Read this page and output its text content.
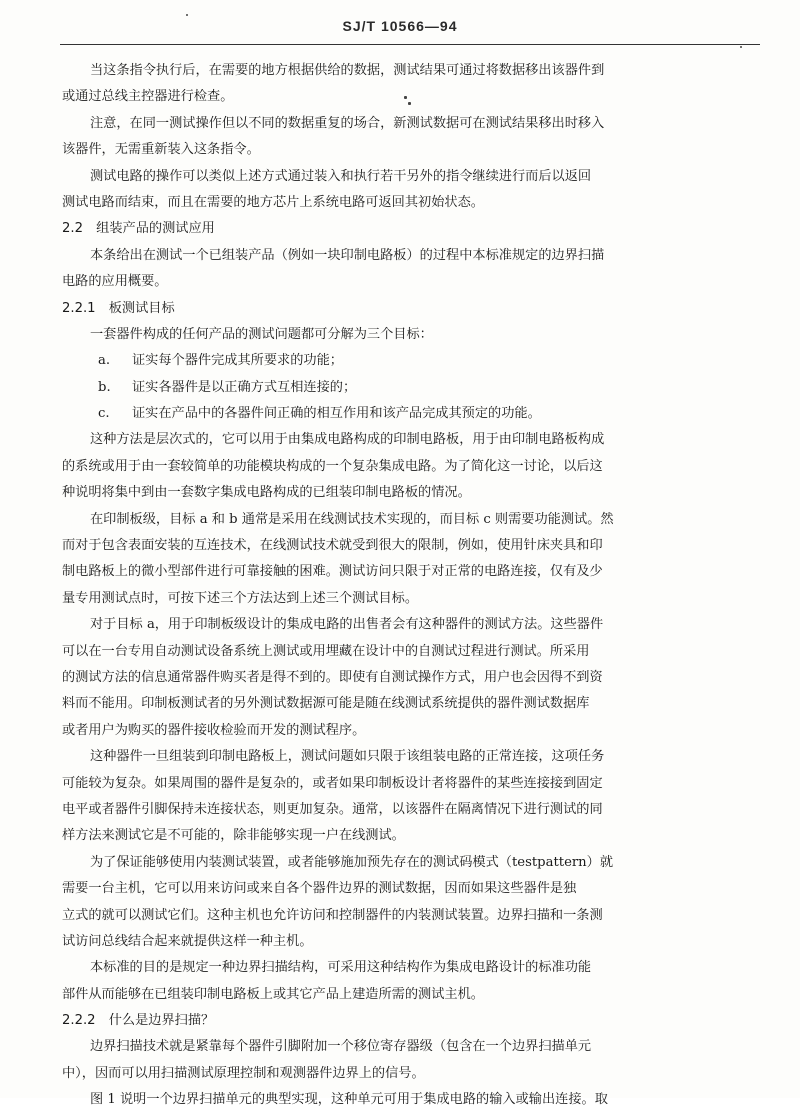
SJ/T 10566—94
当这条指令执行后，在需要的地方根据供给的数据，测试结果可通过将数据移出该器件到
或通过总线主控器进行检查。
注意，在同一测试操作但以不同的数据重复的场合，新测试数据可在测试结果移出时移入
该器件，无需重新装入这条指令。
测试电路的操作可以类似上述方式通过装入和执行若干另外的指令继续进行而后以返回
测试电路而结束，而且在需要的地方芯片上系统电路可返回其初始状态。
2.2　组装产品的测试应用
本条给出在测试一个已组装产品（例如一块印制电路板）的过程中本标准规定的边界扫描
电路的应用概要。
2.2.1　板测试目标
一套器件构成的任何产品的测试问题都可分解为三个目标：
a. 证实每个器件完成其所要求的功能；
b. 证实各器件是以正确方式互相连接的；
c. 证实在产品中的各器件间正确的相互作用和该产品完成其预定的功能。
这种方法是层次式的，它可以用于由集成电路构成的印制电路板，用于由印制电路板构成
的系统或用于由一套较简单的功能模块构成的一个复杂集成电路。为了简化这一讨论，以后这
种说明将集中到由一套数字集成电路构成的已组装印制电路板的情况。
在印制板级，目标 a 和 b 通常是采用在线测试技术实现的，而目标 c 则需要功能测试。然
而对于包含表面安装的互连技术，在线测试技术就受到很大的限制，例如，使用针床夹具和印
制电路板上的微小型部件进行可靠接触的困难。测试访问只限于对正常的电路连接，仅有及少
量专用测试点时，可按下述三个方法达到上述三个测试目标。
对于目标 a，用于印制板级设计的集成电路的出售者会有这种器件的测试方法。这些器件
可以在一台专用自动测试设备系统上测试或用埋藏在设计中的自测试过程进行测试。所采用
的测试方法的信息通常器件购买者是得不到的。即使有自测试操作方式，用户也会因得不到资
料而不能用。印制板测试者的另外测试数据源可能是随在线测试系统提供的器件测试数据库
或者用户为购买的器件接收检验而开发的测试程序。
这种器件一旦组装到印制电路板上，测试问题如只限于该组装电路的正常连接，这项任务
可能较为复杂。如果周围的器件是复杂的，或者如果印制板设计者将器件的某些连接接到固定
电平或者器件引脚保持未连接状态，则更加复杂。通常，以该器件在隔离情况下进行测试的同
样方法来测试它是不可能的，除非能够实现一户在线测试。
为了保证能够使用内装测试装置，或者能够施加预先存在的测试码模式（testpattern）就
需要一台主机，它可以用来访问或来自各个器件边界的测试数据，因而如果这些器件是独
立式的就可以测试它们。这种主机也允许访问和控制器件的内装测试装置。边界扫描和一条测
试访问总线结合起来就提供这样一种主机。
本标准的目的是规定一种边界扫描结构，可采用这种结构作为集成电路设计的标准功能
部件从而能够在已组装印制电路板上或其它产品上建造所需的测试主机。
2.2.2　什么是边界扫描？
边界扫描技术就是紧靠每个器件引脚附加一个移位寄存器级（包含在一个边界扫描单元
中），因而可以用扫描测试原理控制和观测器件边界上的信号。
图 1 说明一个边界扫描单元的典型实现，这种单元可用于集成电路的输入或输出连接。取
